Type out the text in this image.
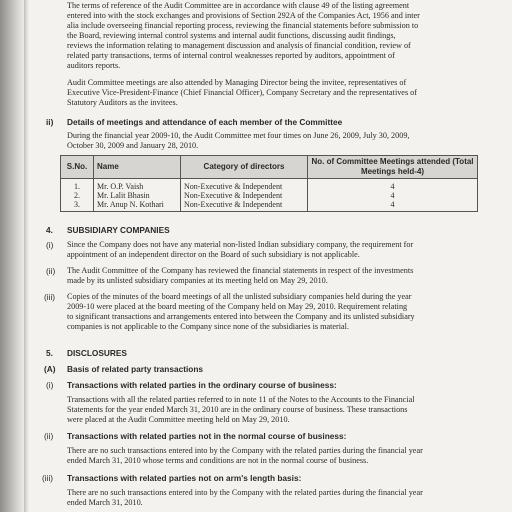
The terms of reference of the Audit Committee are in accordance with clause 49 of the listing agreement
entered into with the stock exchanges and provisions of Section 292A of the Companies Act, 1956 and inter
alia include overseeing financial reporting process, reviewing the financial statements before submission to
the Board, reviewing internal control systems and internal audit functions, discussing audit findings,
reviews the information relating to management discussion and analysis of financial condition, review of
related party transactions, terms of internal control weaknesses reported by auditors, appointment of
auditors reports.
Audit Committee meetings are also attended by Managing Director being the invitee, representatives of
Executive Vice-President-Finance (Chief Financial Officer), Company Secretary and the representatives of
Statutory Auditors as the invitees.
ii) Details of meetings and attendance of each member of the Committee
During the financial year 2009-10, the Audit Committee met four times on June 26, 2009, July 30, 2009,
October 30, 2009 and January 28, 2010.
S.No.	Name	Category of directors	No. of Committee Meetings attended (Total Meetings held-4)
1.	Mr. O.P. Vaish	Non-Executive & Independent	4
2.	Mr. Lalit Bhasin	Non-Executive & Independent	4
3.	Mr. Anup N. Kothari	Non-Executive & Independent	4
4. SUBSIDIARY COMPANIES
(i) Since the Company does not have any material non-listed Indian subsidiary company, the requirement for
appointment of an independent director on the Board of such subsidiary is not applicable.
(ii) The Audit Committee of the Company has reviewed the financial statements in respect of the investments
made by its unlisted subsidiary companies at its meeting held on May 29, 2010.
(iii) Copies of the minutes of the board meetings of all the unlisted subsidiary companies held during the year
2009-10 were placed at the board meeting of the Company held on May 29, 2010. Requirement relating
to significant transactions and arrangements entered into between the Company and its unlisted subsidiary
companies is not applicable to the Company since none of the subsidiaries is material.
5. DISCLOSURES
(A) Basis of related party transactions
(i) Transactions with related parties in the ordinary course of business:
Transactions with all the related parties referred to in note 11 of the Notes to the Accounts to the Financial
Statements for the year ended March 31, 2010 are in the ordinary course of business. These transactions
were placed at the Audit Committee meeting held on May 29, 2010.
(ii) Transactions with related parties not in the normal course of business:
There are no such transactions entered into by the Company with the related parties during the financial year
ended March 31, 2010 whose terms and conditions are not in the normal course of business.
(iii) Transactions with related parties not on arm's length basis:
There are no such transactions entered into by the Company with the related parties during the financial year
ended March 31, 2010.
